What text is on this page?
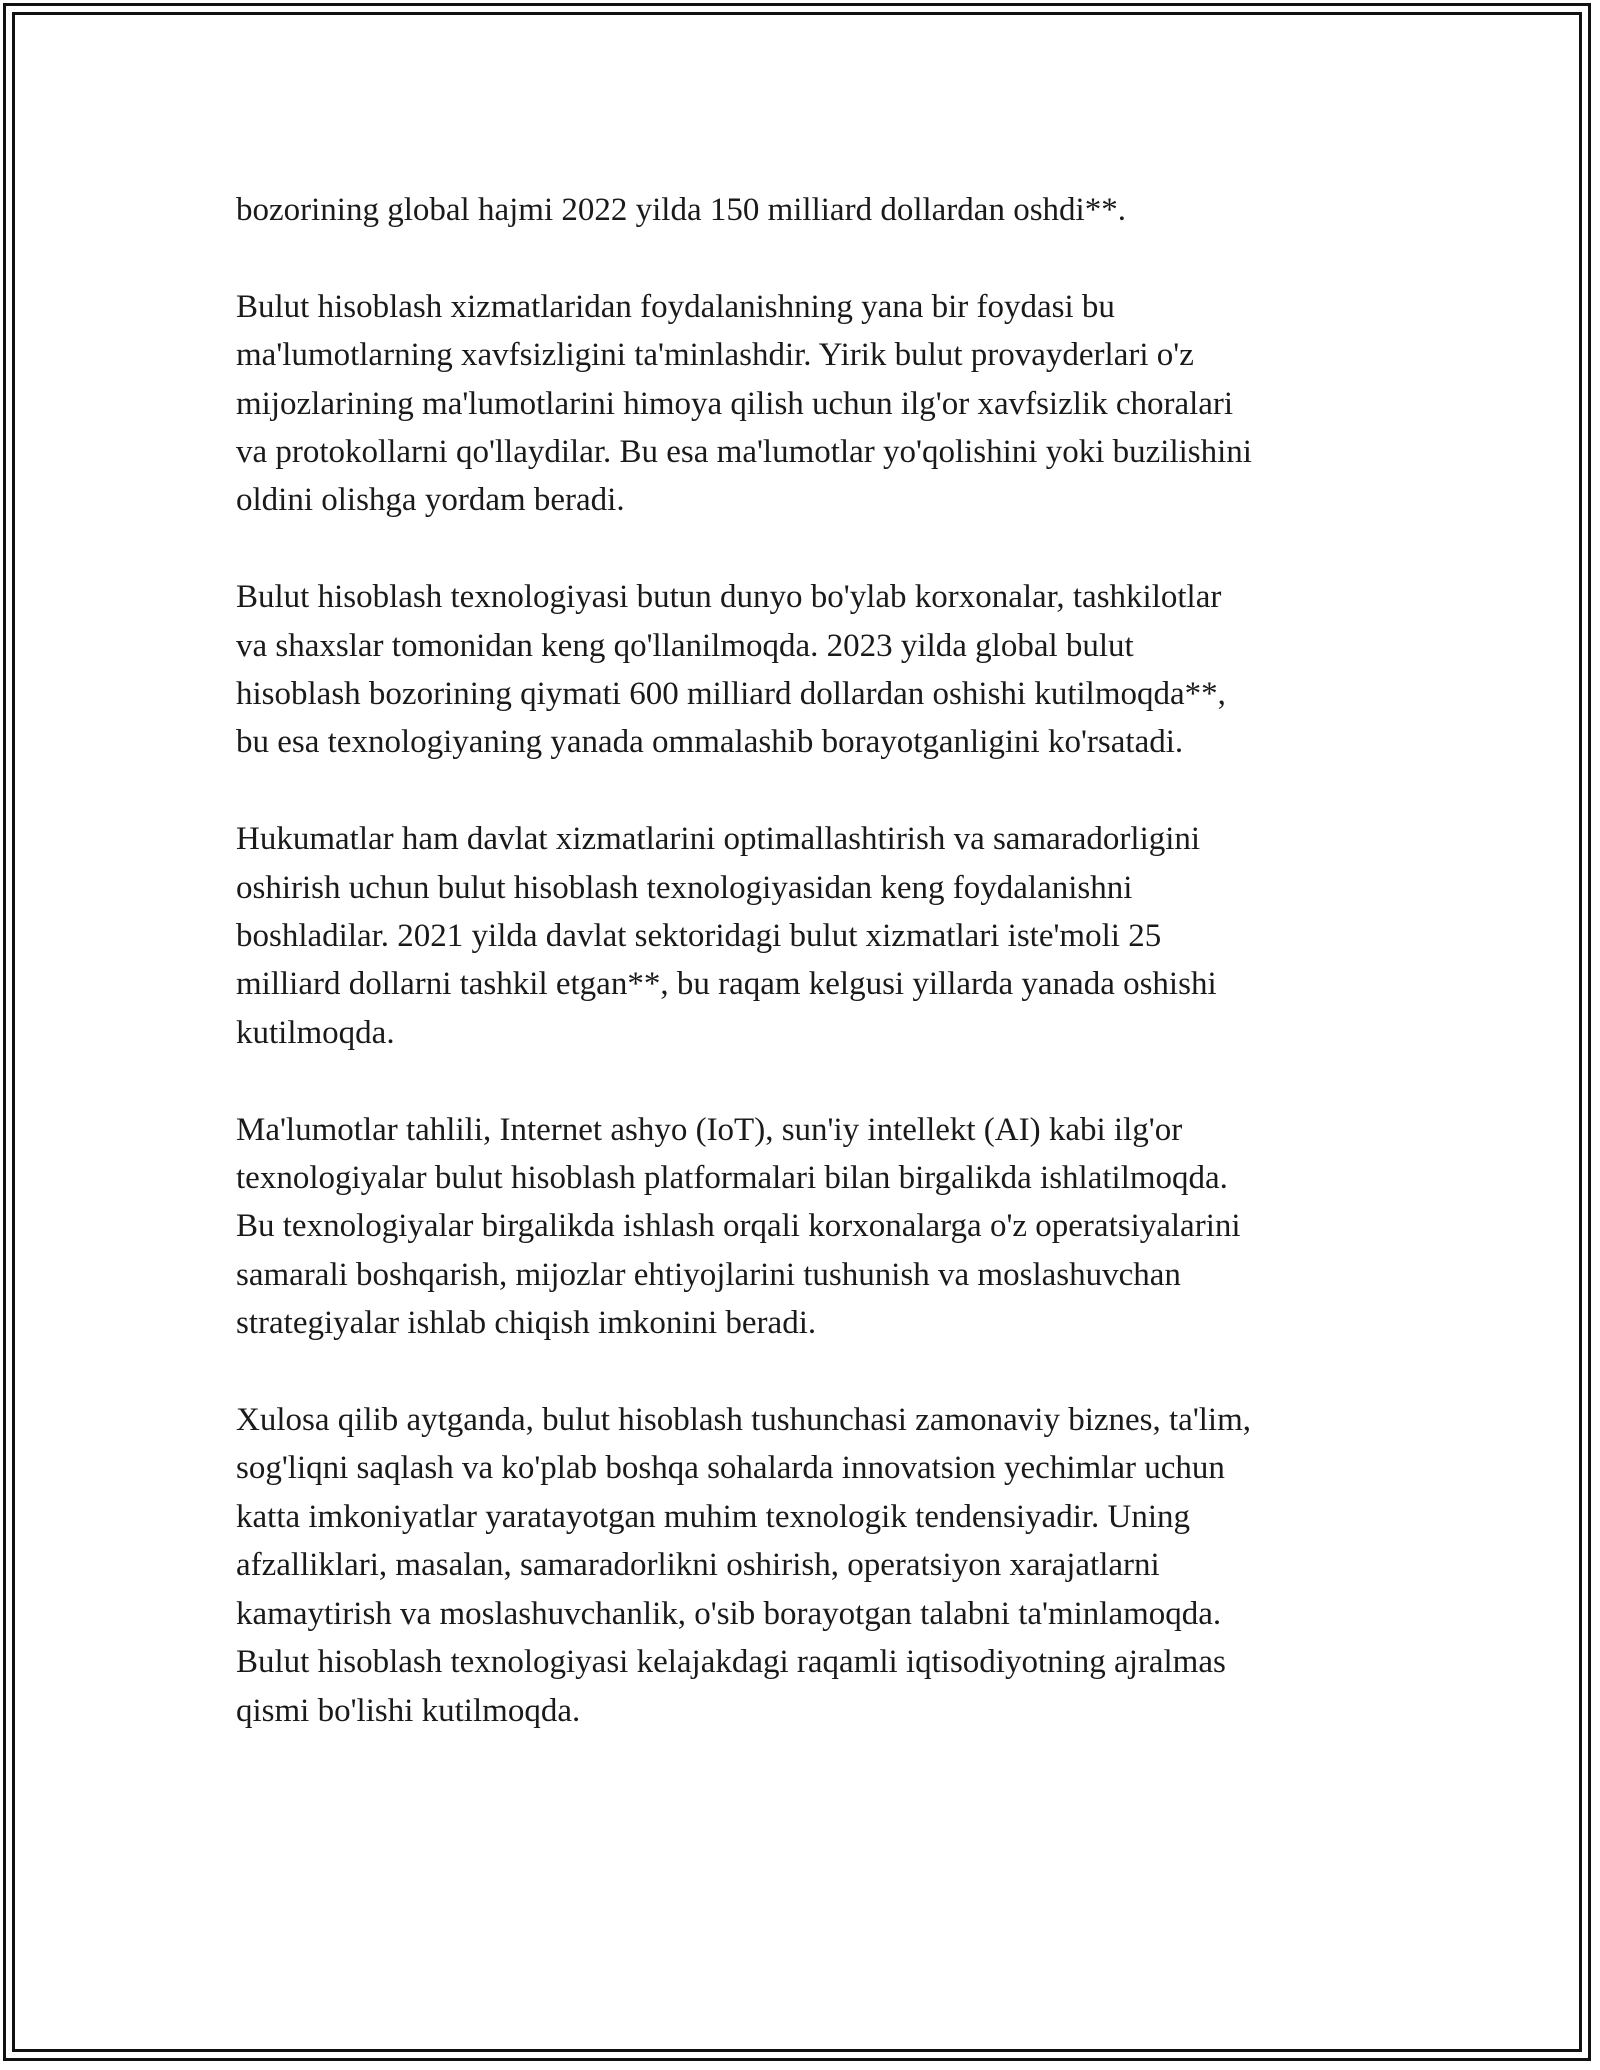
bozorining global hajmi 2022 yilda 150 milliard dollardan oshdi**.

Bulut hisoblash xizmatlaridan foydalanishning yana bir foydasi bu
ma'lumotlarning xavfsizligini ta'minlashdir. Yirik bulut provayderlari o'z
mijozlarining ma'lumotlarini himoya qilish uchun ilg'or xavfsizlik choralari
va protokollarni qo'llaydilar. Bu esa ma'lumotlar yo'qolishini yoki buzilishini
oldini olishga yordam beradi.

Bulut hisoblash texnologiyasi butun dunyo bo'ylab korxonalar, tashkilotlar
va shaxslar tomonidan keng qo'llanilmoqda. 2023 yilda global bulut
hisoblash bozorining qiymati 600 milliard dollardan oshishi kutilmoqda**,
bu esa texnologiyaning yanada ommalashib borayotganligini ko'rsatadi.

Hukumatlar ham davlat xizmatlarini optimallashtirish va samaradorligini
oshirish uchun bulut hisoblash texnologiyasidan keng foydalanishni
boshladilar. 2021 yilda davlat sektoridagi bulut xizmatlari iste'moli 25
milliard dollarni tashkil etgan**, bu raqam kelgusi yillarda yanada oshishi
kutilmoqda.

Ma'lumotlar tahlili, Internet ashyo (IoT), sun'iy intellekt (AI) kabi ilg'or
texnologiyalar bulut hisoblash platformalari bilan birgalikda ishlatilmoqda.
Bu texnologiyalar birgalikda ishlash orqali korxonalarga o'z operatsiyalarini
samarali boshqarish, mijozlar ehtiyojlarini tushunish va moslashuvchan
strategiyalar ishlab chiqish imkonini beradi.

Xulosa qilib aytganda, bulut hisoblash tushunchasi zamonaviy biznes, ta'lim,
sog'liqni saqlash va ko'plab boshqa sohalarda innovatsion yechimlar uchun
katta imkoniyatlar yaratayotgan muhim texnologik tendensiyadir. Uning
afzalliklari, masalan, samaradorlikni oshirish, operatsiyon xarajatlarni
kamaytirish va moslashuvchanlik, o'sib borayotgan talabni ta'minlamoqda.
Bulut hisoblash texnologiyasi kelajakdagi raqamli iqtisodiyotning ajralmas
qismi bo'lishi kutilmoqda.
